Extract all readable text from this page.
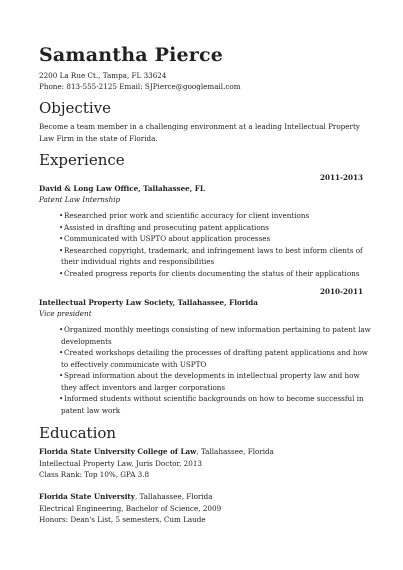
Samantha Pierce
2200 La Rue Ct., Tampa, FL 33624
Phone: 813-555-2125 Email: SJPierce@googlemail.com
Objective
Become a team member in a challenging environment at a leading Intellectual Property Law Firm in the state of Florida.
Experience
2011-2013
David & Long Law Office, Tallahassee, FL
Patent Law Internship
• Researched prior work and scientific accuracy for client inventions
• Assisted in drafting and prosecuting patent applications
• Communicated with USPTO about application processes
• Researched copyright, trademark, and infringement laws to best inform clients of their individual rights and responsibilities
• Created progress reports for clients documenting the status of their applications
2010-2011
Intellectual Property Law Society, Tallahassee, Florida
Vice president
• Organized monthly meetings consisting of new information pertaining to patent law developments
• Created workshops detailing the processes of drafting patent applications and how to effectively communicate with USPTO
• Spread information about the developments in intellectual property law and how they affect inventors and larger corporations
• Informed students without scientific backgrounds on how to become successful in patent law work
Education
Florida State University College of Law, Tallahassee, Florida
Intellectual Property Law, Juris Doctor, 2013
Class Rank: Top 10%, GPA 3.8
Florida State University, Tallahassee, Florida
Electrical Engineering, Bachelor of Science, 2009
Honors: Dean's List, 5 semesters, Cum Laude
